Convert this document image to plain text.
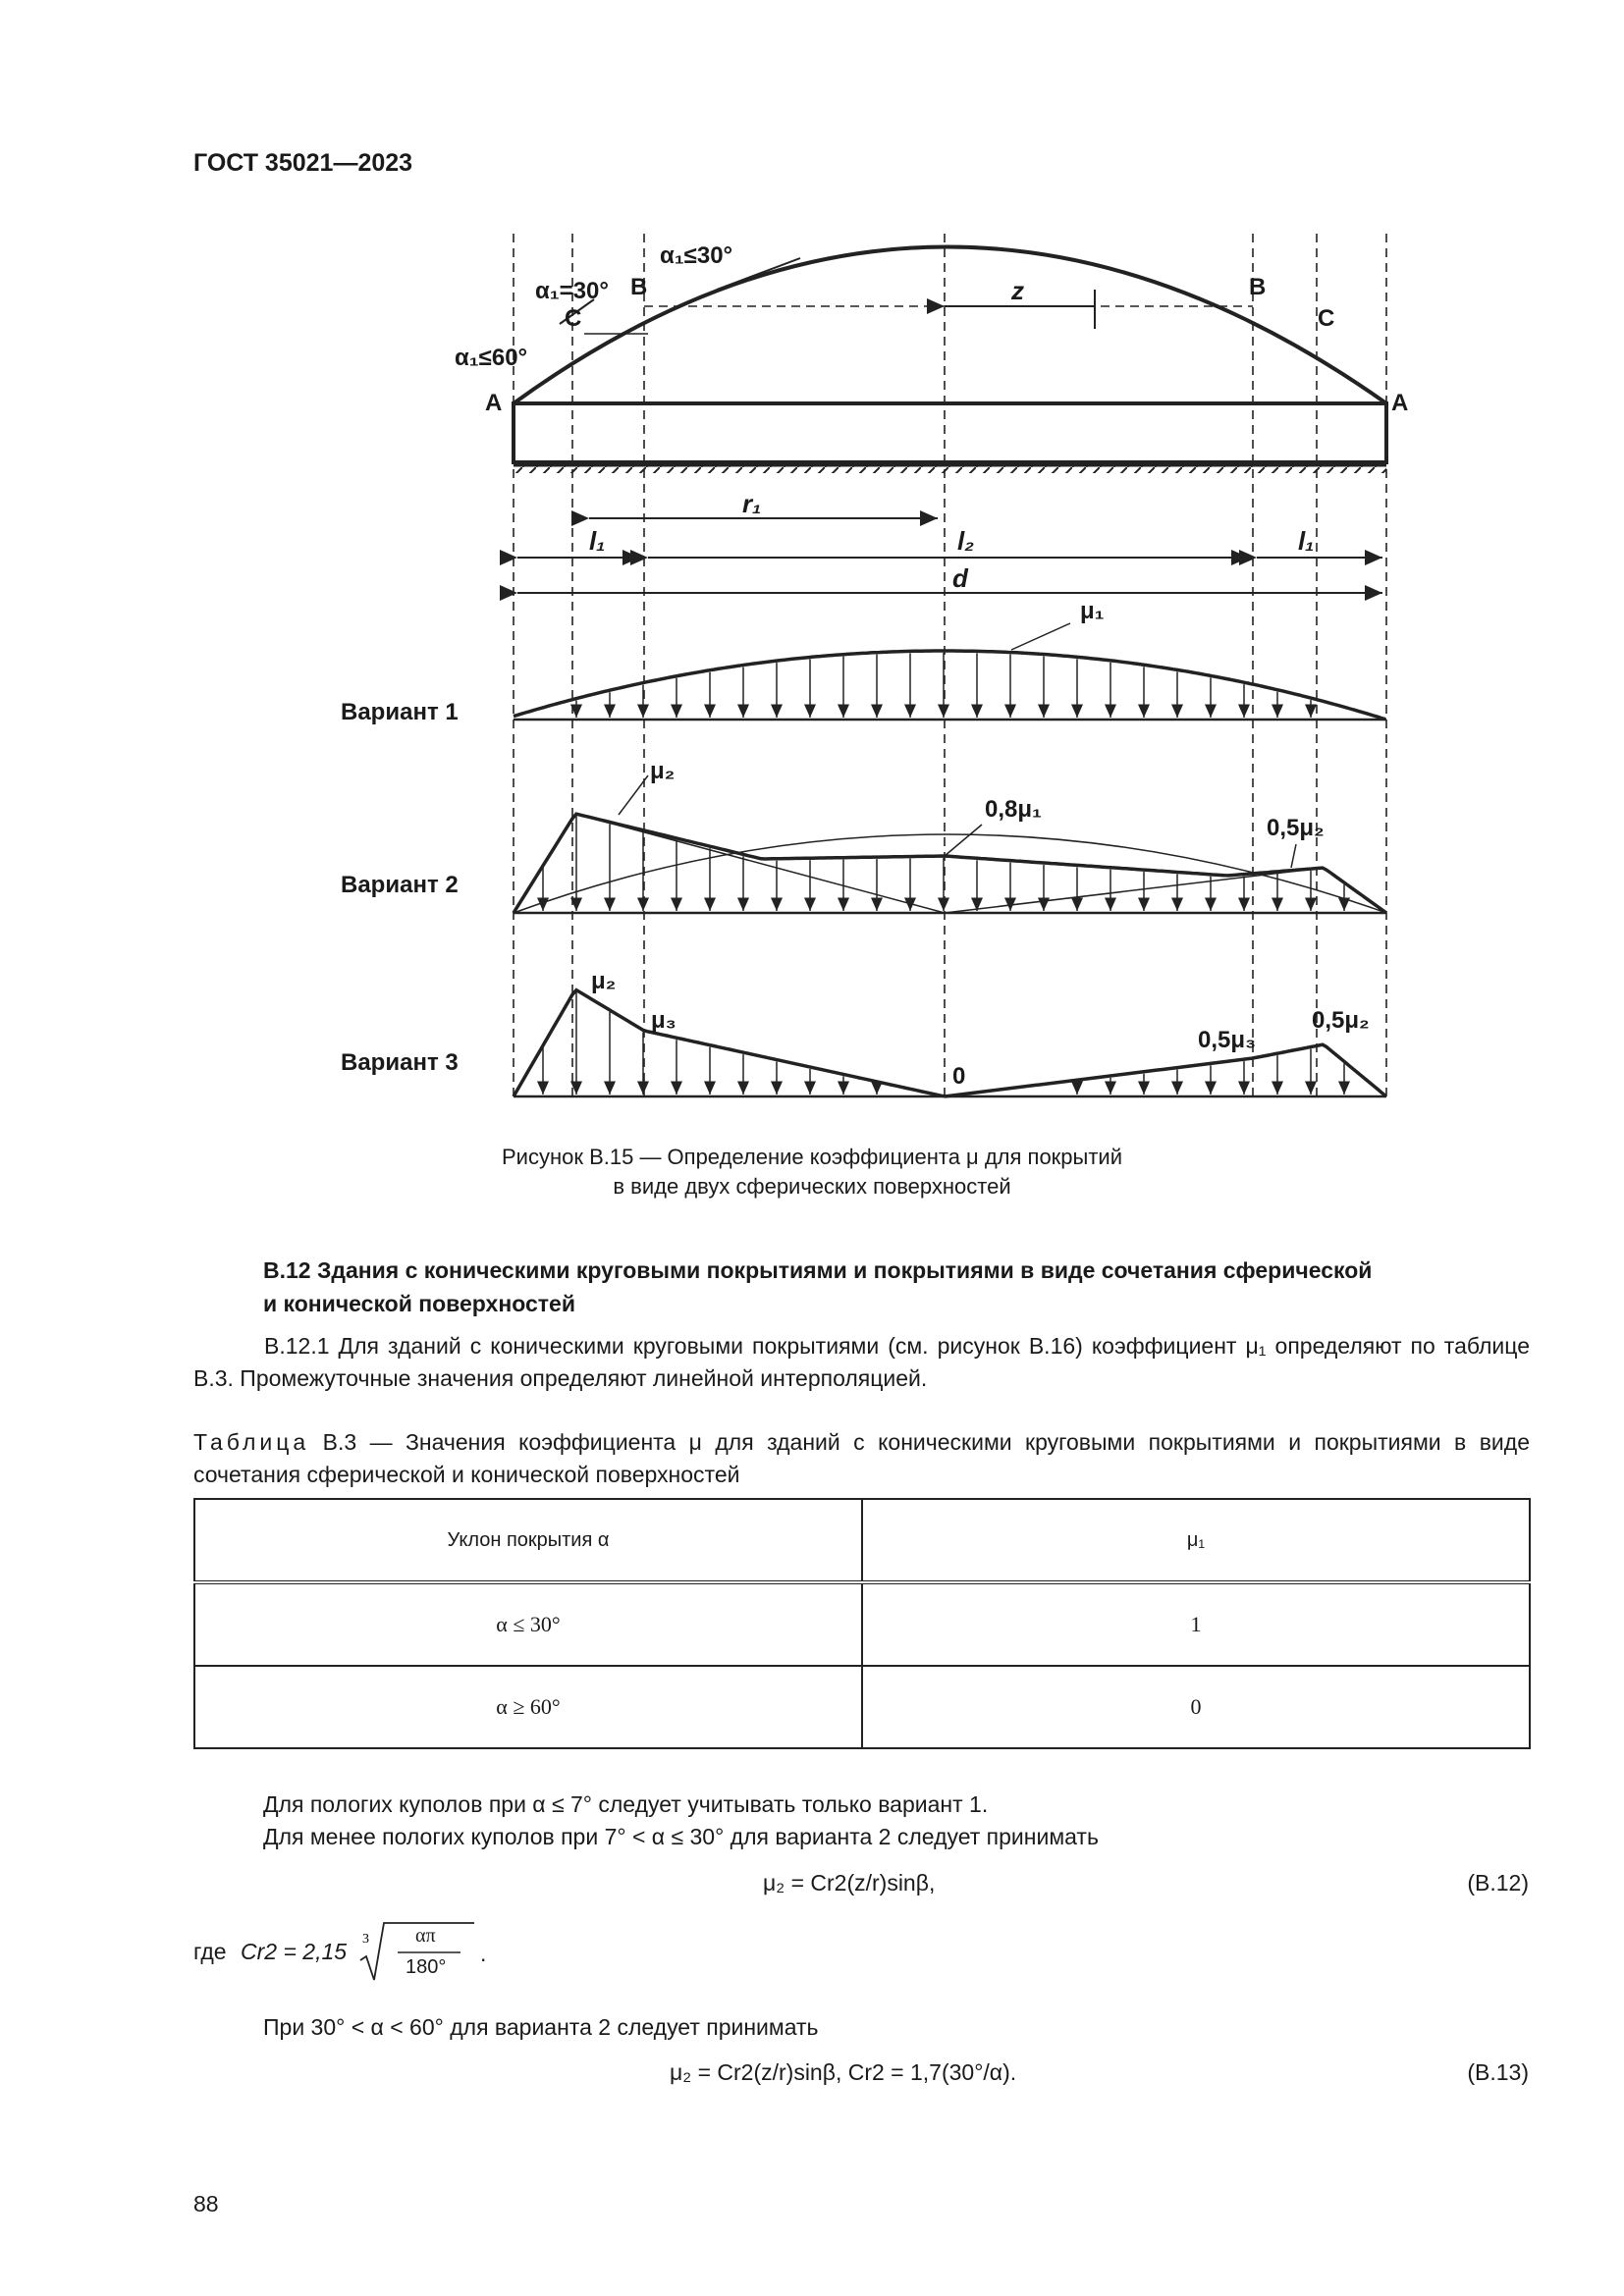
ГОСТ 35021—2023
A	A
B	B
C	C
α₁≤30°
α₁=30°
α₁≤60°
z
r₁
l₁	l₂	l₁
d
μ₁
μ₂
0,8μ₁
0,5μ₂
μ₂
μ₃
0,5μ₃
0,5μ₂
0
Вариант 1
Вариант 2
Вариант 3
Рисунок В.15 — Определение коэффициента μ для покрытий
в виде двух сферических поверхностей
В.12 Здания с коническими круговыми покрытиями и покрытиями в виде сочетания сферической
и конической поверхностей
В.12.1 Для зданий с коническими круговыми покрытиями (см. рисунок В.16) коэффициент μ₁ определяют по таблице В.3. Промежуточные значения определяют линейной интерполяцией.
Таблица В.3 — Значения коэффициента μ для зданий с коническими круговыми покрытиями и покрытиями в виде сочетания сферической и конической поверхностей
Уклон покрытия α	μ₁
α ≤ 30°	1
α ≥ 60°	0
Для пологих куполов при α ≤ 7° следует учитывать только вариант 1.
Для менее пологих куполов при 7° < α ≤ 30° для варианта 2 следует принимать
μ₂ = Cr2(z/r)sinβ,	(В.12)
где Cr2 = 2,15 3 απ
180°
.
При 30° < α < 60° для варианта 2 следует принимать
μ₂ = Cr2(z/r)sinβ, Cr2 = 1,7(30°/α).	(В.13)
88
